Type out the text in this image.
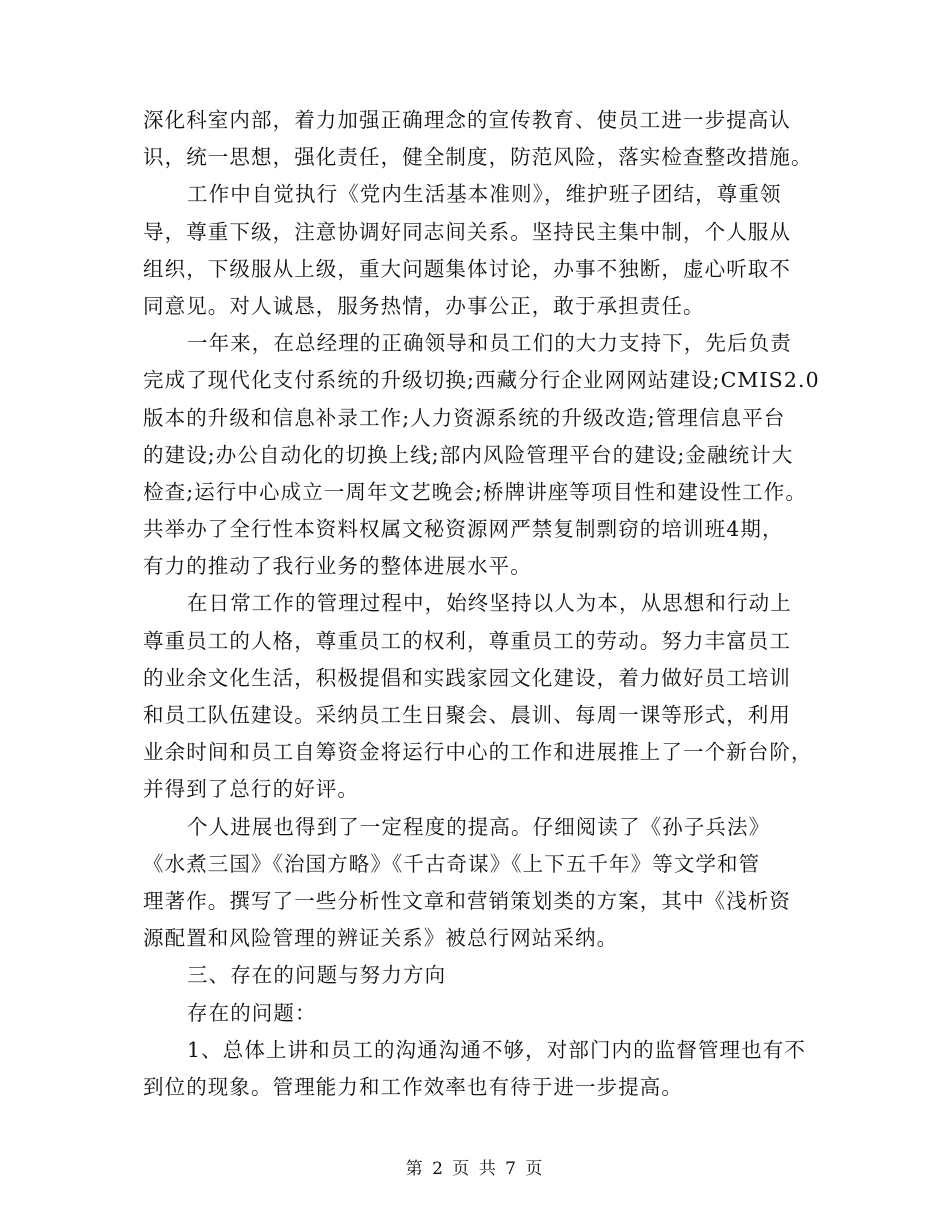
深化科室内部，着力加强正确理念的宣传教育、使员工进一步提高认
识，统一思想，强化责任，健全制度，防范风险，落实检查整改措施。
工作中自觉执行《党内生活基本准则》，维护班子团结，尊重领
导，尊重下级，注意协调好同志间关系。坚持民主集中制，个人服从
组织，下级服从上级，重大问题集体讨论，办事不独断，虚心听取不
同意见。对人诚恳，服务热情，办事公正，敢于承担责任。
一年来，在总经理的正确领导和员工们的大力支持下，先后负责
完成了现代化支付系统的升级切换;西藏分行企业网网站建设;CMIS2.0
版本的升级和信息补录工作;人力资源系统的升级改造;管理信息平台
的建设;办公自动化的切换上线;部内风险管理平台的建设;金融统计大
检查;运行中心成立一周年文艺晚会;桥牌讲座等项目性和建设性工作。
共举办了全行性本资料权属文秘资源网严禁复制剽窃的培训班4期，
有力的推动了我行业务的整体进展水平。
在日常工作的管理过程中，始终坚持以人为本，从思想和行动上
尊重员工的人格，尊重员工的权利，尊重员工的劳动。努力丰富员工
的业余文化生活，积极提倡和实践家园文化建设，着力做好员工培训
和员工队伍建设。采纳员工生日聚会、晨训、每周一课等形式，利用
业余时间和员工自筹资金将运行中心的工作和进展推上了一个新台阶，
并得到了总行的好评。
个人进展也得到了一定程度的提高。仔细阅读了《孙子兵法》
《水煮三国》《治国方略》《千古奇谋》《上下五千年》等文学和管
理著作。撰写了一些分析性文章和营销策划类的方案，其中《浅析资
源配置和风险管理的辨证关系》被总行网站采纳。
三、存在的问题与努力方向
存在的问题：
1、总体上讲和员工的沟通沟通不够，对部门内的监督管理也有不
到位的现象。管理能力和工作效率也有待于进一步提高。
第 2 页 共 7 页
